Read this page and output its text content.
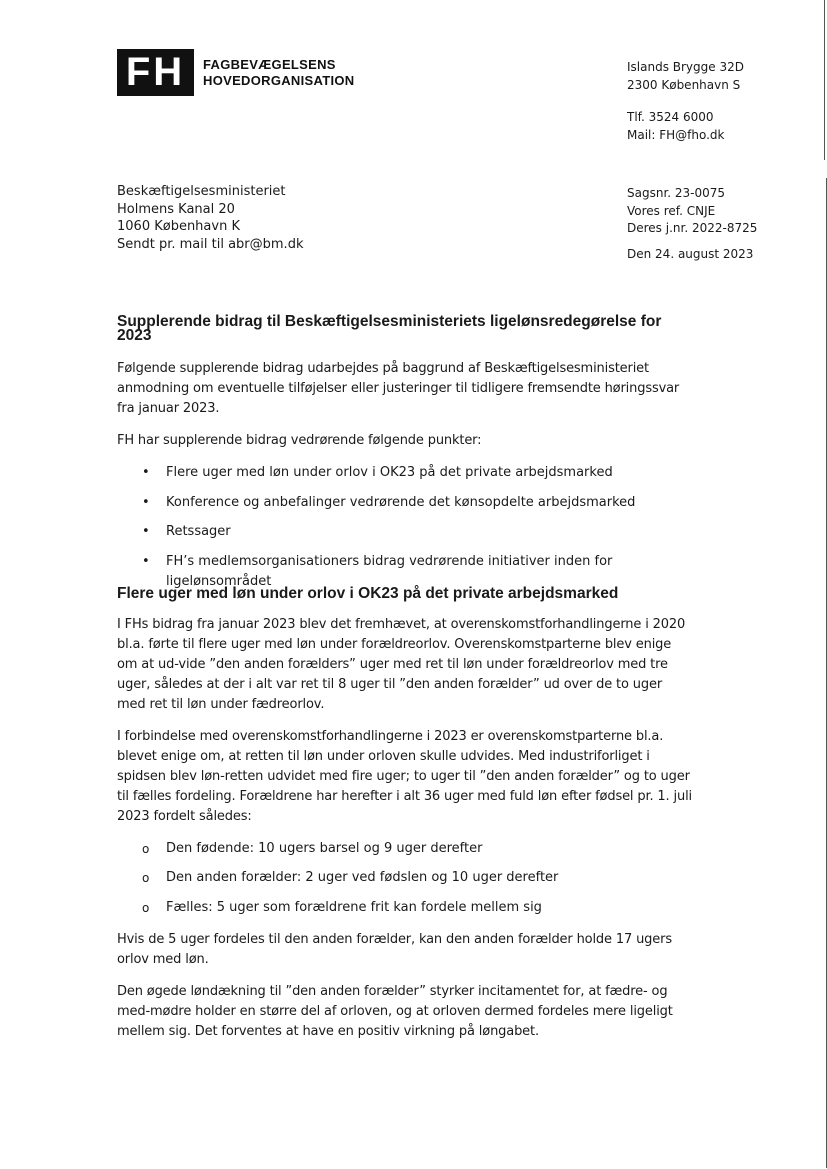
FH	FAGBEVÆGELSENS
HOVEDORGANISATION
Islands Brygge 32D
2300 København S
Tlf. 3524 6000
Mail: FH@fho.dk
Beskæftigelsesministeriet
Holmens Kanal 20
1060 København K
Sendt pr. mail til abr@bm.dk
Sagsnr. 23-0075
Vores ref. CNJE
Deres j.nr. 2022-8725
Den 24. august 2023
Supplerende bidrag til Beskæftigelsesministeriets ligelønsredegørelse for 2023

Følgende supplerende bidrag udarbejdes på baggrund af Beskæftigelsesministeriet anmodning om eventuelle tilføjelser eller justeringer til tidligere fremsendte høringssvar fra januar 2023.

FH har supplerende bidrag vedrørende følgende punkter:

• Flere uger med løn under orlov i OK23 på det private arbejdsmarked
• Konference og anbefalinger vedrørende det kønsopdelte arbejdsmarked
• Retssager
• FH’s medlemsorganisationers bidrag vedrørende initiativer inden for ligelønsområdet
Flere uger med løn under orlov i OK23 på det private arbejdsmarked

I FHs bidrag fra januar 2023 blev det fremhævet, at overenskomstforhandlingerne i 2020 bl.a. førte til flere uger med løn under forældreorlov. Overenskomstparterne blev enige om at ud-vide ”den anden forælders” uger med ret til løn under forældreorlov med tre uger, således at der i alt var ret til 8 uger til ”den anden forælder” ud over de to uger med ret til løn under fædreorlov.

I forbindelse med overenskomstforhandlingerne i 2023 er overenskomstparterne bl.a. blevet enige om, at retten til løn under orloven skulle udvides. Med industriforliget i spidsen blev løn-retten udvidet med fire uger; to uger til ”den anden forælder” og to uger til fælles fordeling. Forældrene har herefter i alt 36 uger med fuld løn efter fødsel pr. 1. juli 2023 fordelt således:

o Den fødende: 10 ugers barsel og 9 uger derefter
o Den anden forælder: 2 uger ved fødslen og 10 uger derefter
o Fælles: 5 uger som forældrene frit kan fordele mellem sig

Hvis de 5 uger fordeles til den anden forælder, kan den anden forælder holde 17 ugers orlov med løn.

Den øgede løndækning til ”den anden forælder” styrker incitamentet for, at fædre- og med-mødre holder en større del af orloven, og at orloven dermed fordeles mere ligeligt mellem sig. Det forventes at have en positiv virkning på løngabet.
